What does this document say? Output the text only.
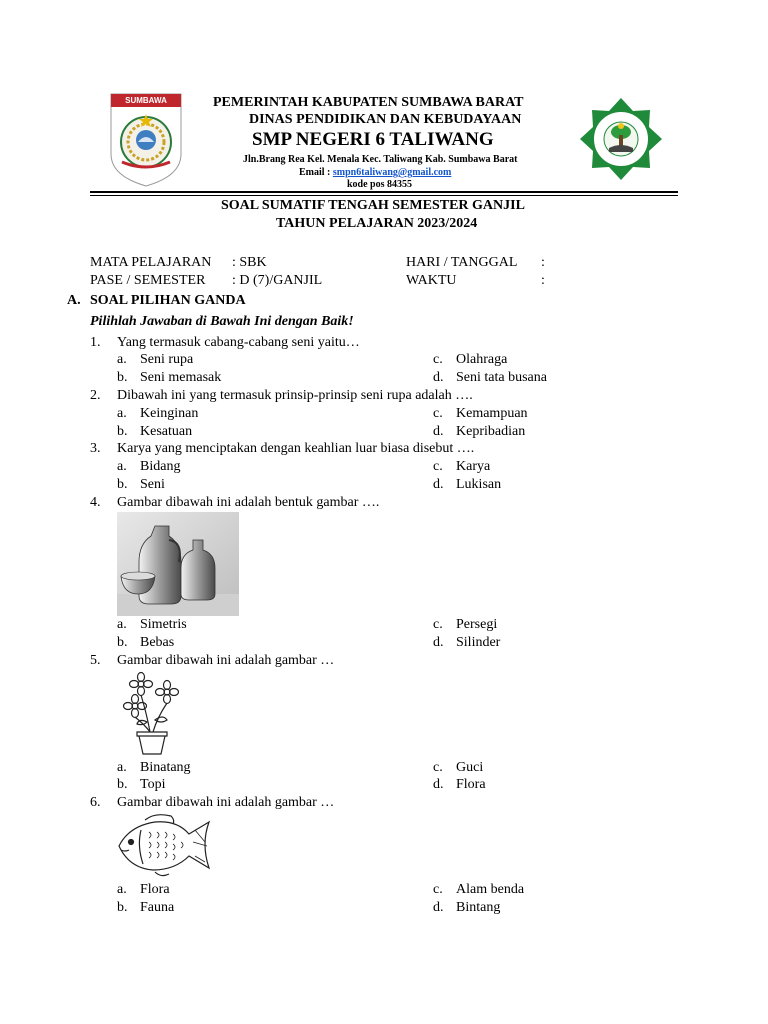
SUMBAWA BARAT
PEMERINTAH KABUPATEN SUMBAWA BARAT
DINAS PENDIDIKAN DAN KEBUDAYAAN
SMP NEGERI 6 TALIWANG
Jln.Brang Rea Kel. Menala Kec. Taliwang Kab. Sumbawa Barat
Email : smpn6taliwang@gmail.com
kode pos 84355
SOAL SUMATIF TENGAH SEMESTER GANJIL
TAHUN PELAJARAN 2023/2024
MATA PELAJARAN : SBK	HARI / TANGGAL :
PASE / SEMESTER : D (7)/GANJIL	WAKTU	:
A. SOAL PILIHAN GANDA
Pilihlah Jawaban di Bawah Ini dengan Baik!
1. Yang termasuk cabang-cabang seni yaitu…
a. Seni rupa	c. Olahraga
b. Seni memasak	d. Seni tata busana
2. Dibawah ini yang termasuk prinsip-prinsip seni rupa adalah ….
a. Keinginan	c. Kemampuan
b. Kesatuan	d. Kepribadian
3. Karya yang menciptakan dengan keahlian luar biasa disebut ….
a. Bidang	c. Karya
b. Seni	d. Lukisan
4. Gambar dibawah ini adalah bentuk gambar ….
a. Simetris	c. Persegi
b. Bebas	d. Silinder
5. Gambar dibawah ini adalah gambar …
a. Binatang	c. Guci
b. Topi	d. Flora
6. Gambar dibawah ini adalah gambar …
a. Flora	c. Alam benda
b. Fauna	d. Bintang
